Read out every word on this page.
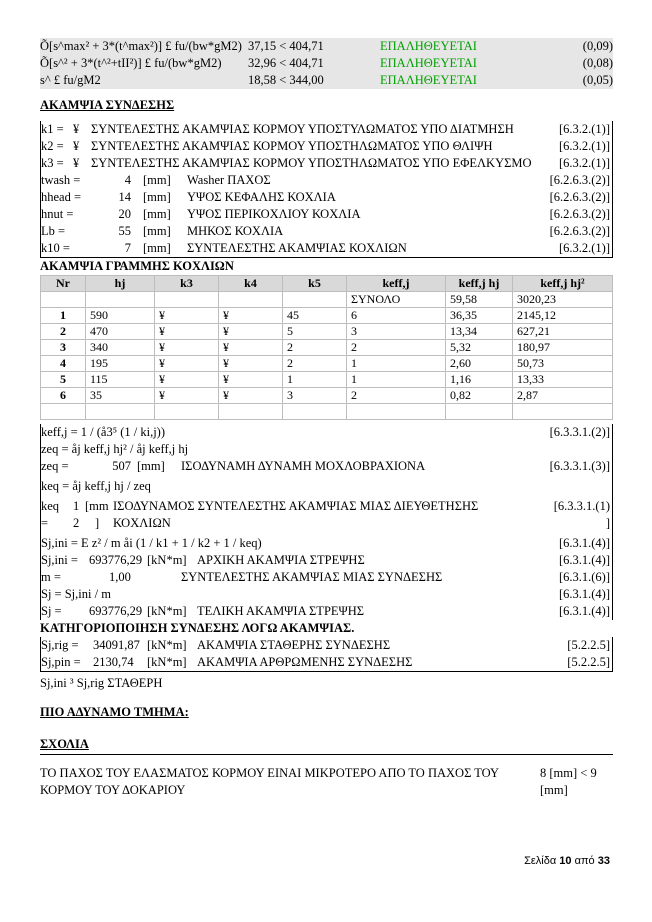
Õ[s^max² + 3*(t^max²)] £ fu/(bw*gM2) 37,15 < 404,71	ΕΠΑΛΗΘΕΥΕΤΑΙ	(0,09)
Õ[s^² + 3*(t^²+tII²)] £ fu/(bw*gM2) 32,96 < 404,71	ΕΠΑΛΗΘΕΥΕΤΑΙ	(0,08)
s^ £ fu/gM2	18,58 < 344,00	ΕΠΑΛΗΘΕΥΕΤΑΙ	(0,05)
ΑΚΑΜΨΙΑ ΣΥΝΔΕΣΗΣ
k1 = ¥ ΣΥΝΤΕΛΕΣΤΗΣ ΑΚΑΜΨΙΑΣ ΚΟΡΜΟΥ ΥΠΟΣΤΥΛΩΜΑΤΟΣ ΥΠΟ ΔΙΑΤΜΗΣΗ	[6.3.2.(1)]
k2 = ¥ ΣΥΝΤΕΛΕΣΤΗΣ ΑΚΑΜΨΙΑΣ ΚΟΡΜΟΥ ΥΠΟΣΤΗΛΩΜΑΤΟΣ ΥΠΟ ΘΛΙΨΗ	[6.3.2.(1)]
k3 = ¥ ΣΥΝΤΕΛΕΣΤΗΣ ΑΚΑΜΨΙΑΣ ΚΟΡΜΟΥ ΥΠΟΣΤΗΛΩΜΑΤΟΣ ΥΠΟ ΕΦΕΛΚΥΣΜΟ [6.3.2.(1)]
twash =	4 [mm] Washer ΠΑΧΟΣ	[6.2.6.3.(2)]
hhead =	14 [mm] ΥΨΟΣ ΚΕΦΑΛΗΣ ΚΟΧΛΙΑ	[6.2.6.3.(2)]
hnut =	20 [mm] ΥΨΟΣ ΠΕΡΙΚΟΧΛΙΟΥ ΚΟΧΛΙΑ	[6.2.6.3.(2)]
Lb =	55 [mm] ΜΗΚΟΣ ΚΟΧΛΙΑ	[6.2.6.3.(2)]
k10 =	7 [mm] ΣΥΝΤΕΛΕΣΤΗΣ ΑΚΑΜΨΙΑΣ ΚΟΧΛΙΩΝ	[6.3.2.(1)]
ΑΚΑΜΨΙΑ ΓΡΑΜΜΗΣ ΚΟΧΛΙΩΝ
Nr	hj	k3	k4	k5	keff,j	keff,j hj	keff,j hj²
					ΣΥΝΟΛΟ	59,58	3020,23
1	590	¥	¥	45	6	36,35	2145,12
2	470	¥	¥	5	3	13,34	627,21
3	340	¥	¥	2	2	5,32	180,97
4	195	¥	¥	2	1	2,60	50,73
5	115	¥	¥	1	1	1,16	13,33
6	35	¥	¥	3	2	0,82	2,87

keff,j = 1 / (å3⁵ (1 / ki,j))	[6.3.3.1.(2)]
zeq = åj keff,j hj² / åj keff,j hj
zeq =	507 [mm] ΙΣΟΔΥΝΑΜΗ ΔΥΝΑΜΗ ΜΟΧΛΟΒΡΑΧΙΟΝΑ	[6.3.3.1.(3)]
keq = åj keff,j hj / zeq
keq 1 [mm ΙΣΟΔΥΝΑΜΟΣ ΣΥΝΤΕΛΕΣΤΗΣ ΑΚΑΜΨΙΑΣ ΜΙΑΣ ΔΙΕΥΘΕΤΗΣΗΣ	[6.3.3.1.(1)
= 2 ] ΚΟΧΛΙΩΝ	]
Sj,ini = E z² / m åi (1 / k1 + 1 / k2 + 1 / keq)	[6.3.1.(4)]
Sj,ini = 693776,29 [kN*m] ΑΡΧΙΚΗ ΑΚΑΜΨΙΑ ΣΤΡΕΨΗΣ	[6.3.1.(4)]
m =	1,00	ΣΥΝΤΕΛΕΣΤΗΣ ΑΚΑΜΨΙΑΣ ΜΙΑΣ ΣΥΝΔΕΣΗΣ	[6.3.1.(6)]
Sj = Sj,ini / m	[6.3.1.(4)]
Sj = 693776,29 [kN*m] ΤΕΛΙΚΗ ΑΚΑΜΨΙΑ ΣΤΡΕΨΗΣ	[6.3.1.(4)]
ΚΑΤΗΓΟΡΙΟΠΟΙΗΣΗ ΣΥΝΔΕΣΗΣ ΛΟΓΩ ΑΚΑΜΨΙΑΣ.
Sj,rig = 34091,87 [kN*m] ΑΚΑΜΨΙΑ ΣΤΑΘΕΡΗΣ ΣΥΝΔΕΣΗΣ	[5.2.2.5]
Sj,pin = 2130,74 [kN*m] ΑΚΑΜΨΙΑ ΑΡΘΡΩΜΕΝΗΣ ΣΥΝΔΕΣΗΣ	[5.2.2.5]
Sj,ini ³ Sj,rig ΣΤΑΘΕΡΗ
ΠΙΟ ΑΔΥΝΑΜΟ ΤΜΗΜΑ:
ΣΧΟΛΙΑ
ΤΟ ΠΑΧΟΣ ΤΟΥ ΕΛΑΣΜΑΤΟΣ ΚΟΡΜΟΥ ΕΙΝΑΙ ΜΙΚΡΟΤΕΡΟ ΑΠΟ ΤΟ ΠΑΧΟΣ ΤΟΥ	8 [mm] < 9
ΚΟΡΜΟΥ ΤΟΥ ΔΟΚΑΡΙΟΥ	[mm]
Σελίδα 10 από 33
